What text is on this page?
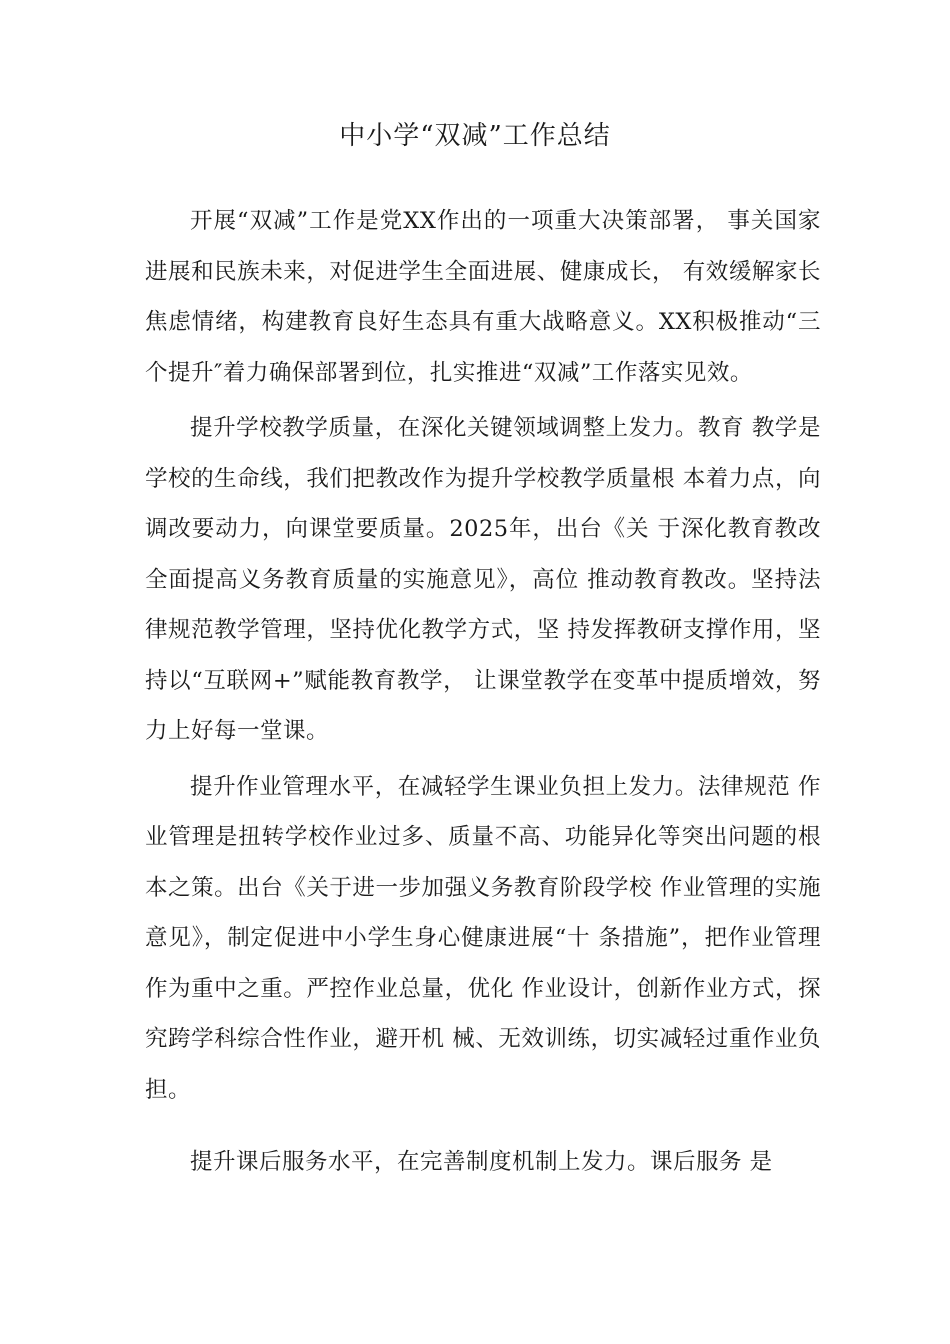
中小学“双减”工作总结

开展“双减”工作是党XX作出的一项重大决策部署， 事关国家进展和民族未来，对促进学生全面进展、健康成长， 有效缓解家长焦虑情绪，构建教育良好生态具有重大战略意义。XX积极推动“三个提升″着力确保部署到位，扎实推进“双减”工作落实见效。

提升学校教学质量，在深化关键领域调整上发力。教育 教学是学校的生命线，我们把教改作为提升学校教学质量根 本着力点，向调改要动力，向课堂要质量。2025年，出台《关 于深化教育教改全面提高义务教育质量的实施意见》，高位 推动教育教改。坚持法律规范教学管理，坚持优化教学方式，坚 持发挥教研支撑作用，坚持以“互联网+”赋能教育教学， 让课堂教学在变革中提质增效，努力上好每一堂课。

提升作业管理水平，在减轻学生课业负担上发力。法律规范 作业管理是扭转学校作业过多、质量不高、功能异化等突出问题的根本之策。出台《关于进一步加强义务教育阶段学校 作业管理的实施意见》，制定促进中小学生身心健康进展“十 条措施”，把作业管理作为重中之重。严控作业总量，优化 作业设计，创新作业方式，探究跨学科综合性作业，避开机 械、无效训练，切实减轻过重作业负担。

提升课后服务水平，在完善制度机制上发力。课后服务 是
